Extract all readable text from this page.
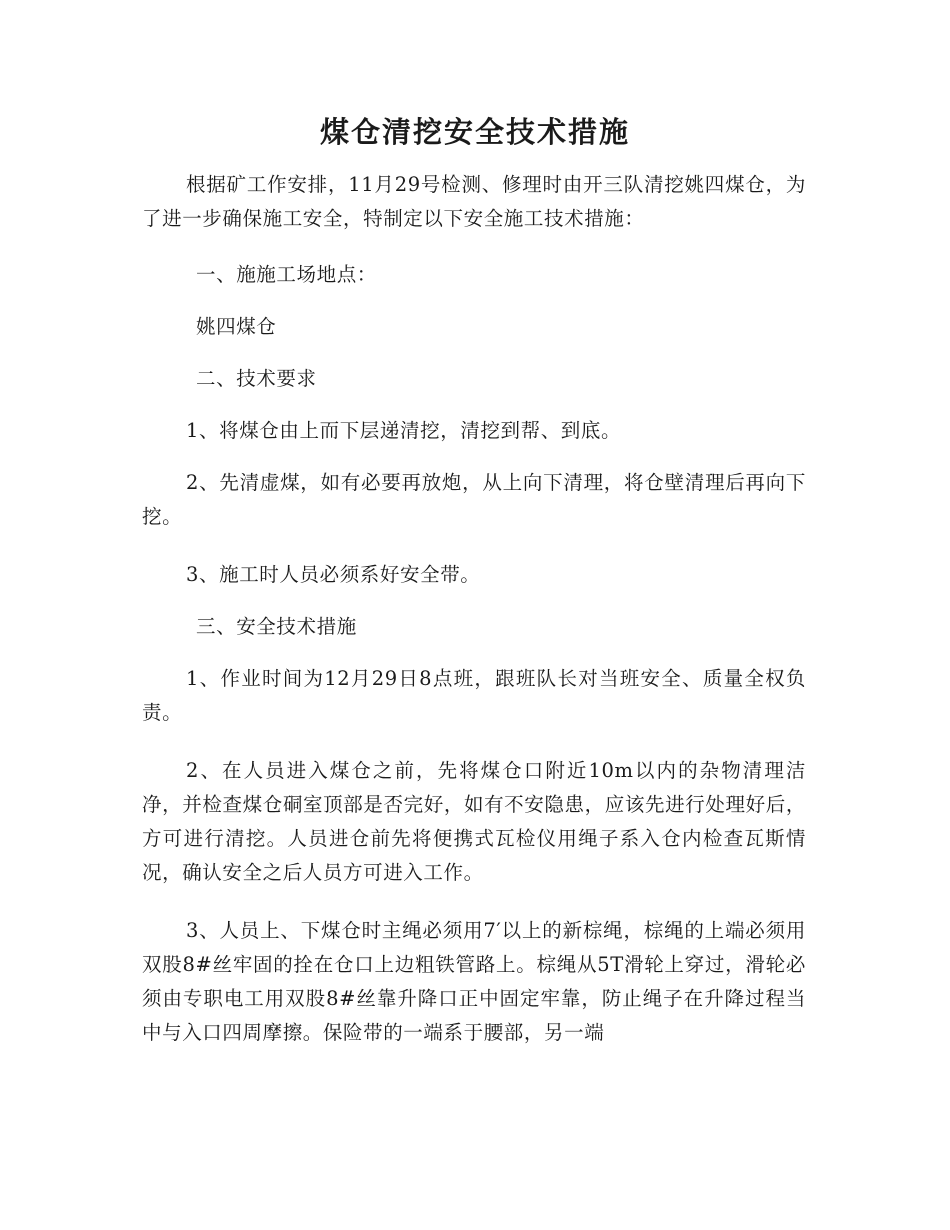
煤仓清挖安全技术措施

根据矿工作安排，11月29号检测、修理时由开三队清挖姚四煤仓，为了进一步确保施工安全，特制定以下安全施工技术措施：

一、施施工场地点：

姚四煤仓

二、技术要求

1、将煤仓由上而下层递清挖，清挖到帮、到底。

2、先清虚煤，如有必要再放炮，从上向下清理，将仓壁清理后再向下挖。

3、施工时人员必须系好安全带。

三、安全技术措施

1、作业时间为12月29日8点班，跟班队长对当班安全、质量全权负责。

2、在人员进入煤仓之前，先将煤仓口附近10m以内的杂物清理洁净，并检查煤仓硐室顶部是否完好，如有不安隐患，应该先进行处理好后，方可进行清挖。人员进仓前先将便携式瓦检仪用绳子系入仓内检查瓦斯情况，确认安全之后人员方可进入工作。

3、人员上、下煤仓时主绳必须用7′以上的新棕绳，棕绳的上端必须用双股8#丝牢固的拴在仓口上边粗铁管路上。棕绳从5T滑轮上穿过，滑轮必须由专职电工用双股8#丝靠升降口正中固定牢靠，防止绳子在升降过程当中与入口四周摩擦。保险带的一端系于腰部，另一端
